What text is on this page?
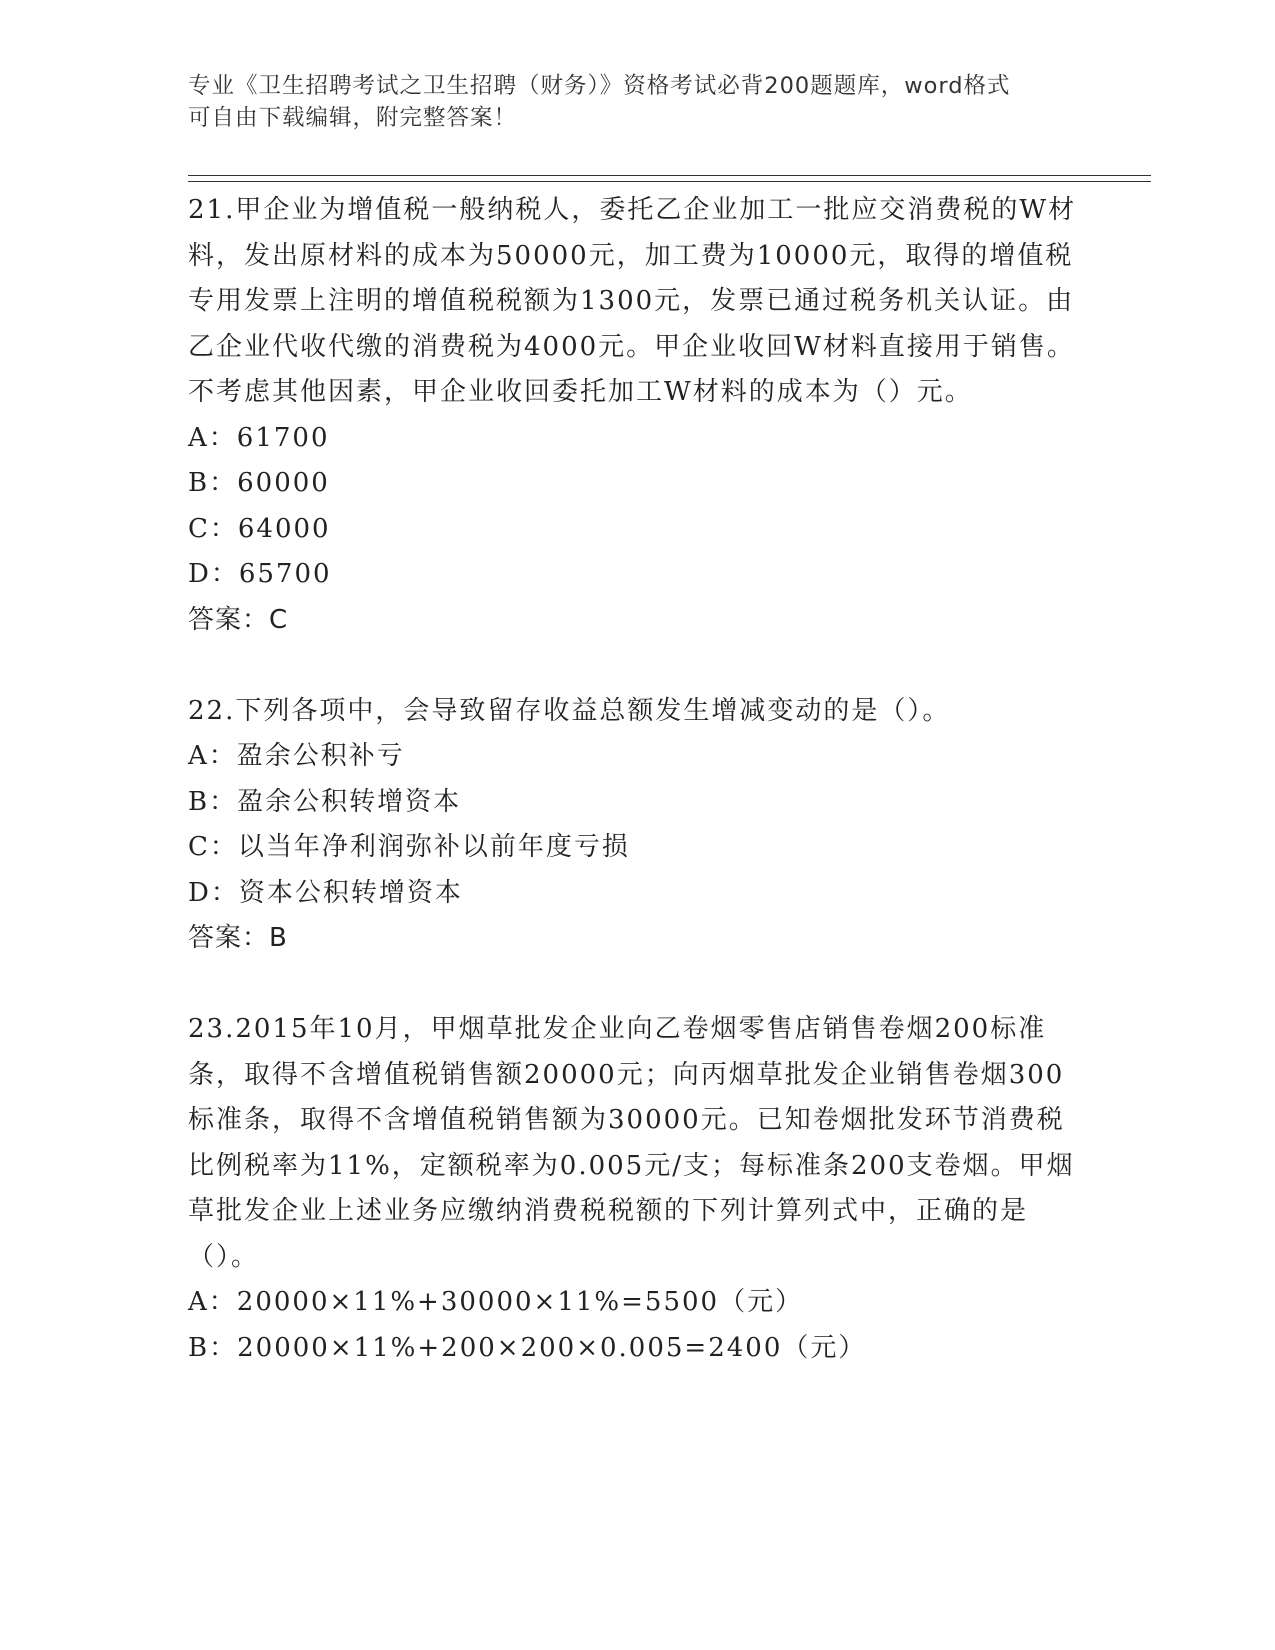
专业《卫生招聘考试之卫生招聘（财务）》资格考试必背200题题库，word格式
可自由下载编辑，附完整答案！

21.甲企业为增值税一般纳税人，委托乙企业加工一批应交消费税的W材料，发出原材料的成本为50000元，加工费为10000元，取得的增值税专用发票上注明的增值税税额为1300元，发票已通过税务机关认证。由乙企业代收代缴的消费税为4000元。甲企业收回W材料直接用于销售。不考虑其他因素，甲企业收回委托加工W材料的成本为（）元。

A：61700

B：60000

C：64000

D：65700

答案：C

22.下列各项中，会导致留存收益总额发生增减变动的是（）。

A：盈余公积补亏

B：盈余公积转增资本

C：以当年净利润弥补以前年度亏损

D：资本公积转增资本

答案：B

23.2015年10月，甲烟草批发企业向乙卷烟零售店销售卷烟200标准条，取得不含增值税销售额20000元；向丙烟草批发企业销售卷烟300标准条，取得不含增值税销售额为30000元。已知卷烟批发环节消费税比例税率为11%，定额税率为0.005元/支；每标准条200支卷烟。甲烟草批发企业上述业务应缴纳消费税税额的下列计算列式中，正确的是（）。

A：20000×11%+30000×11%=5500（元）

B：20000×11%+200×200×0.005=2400（元）
